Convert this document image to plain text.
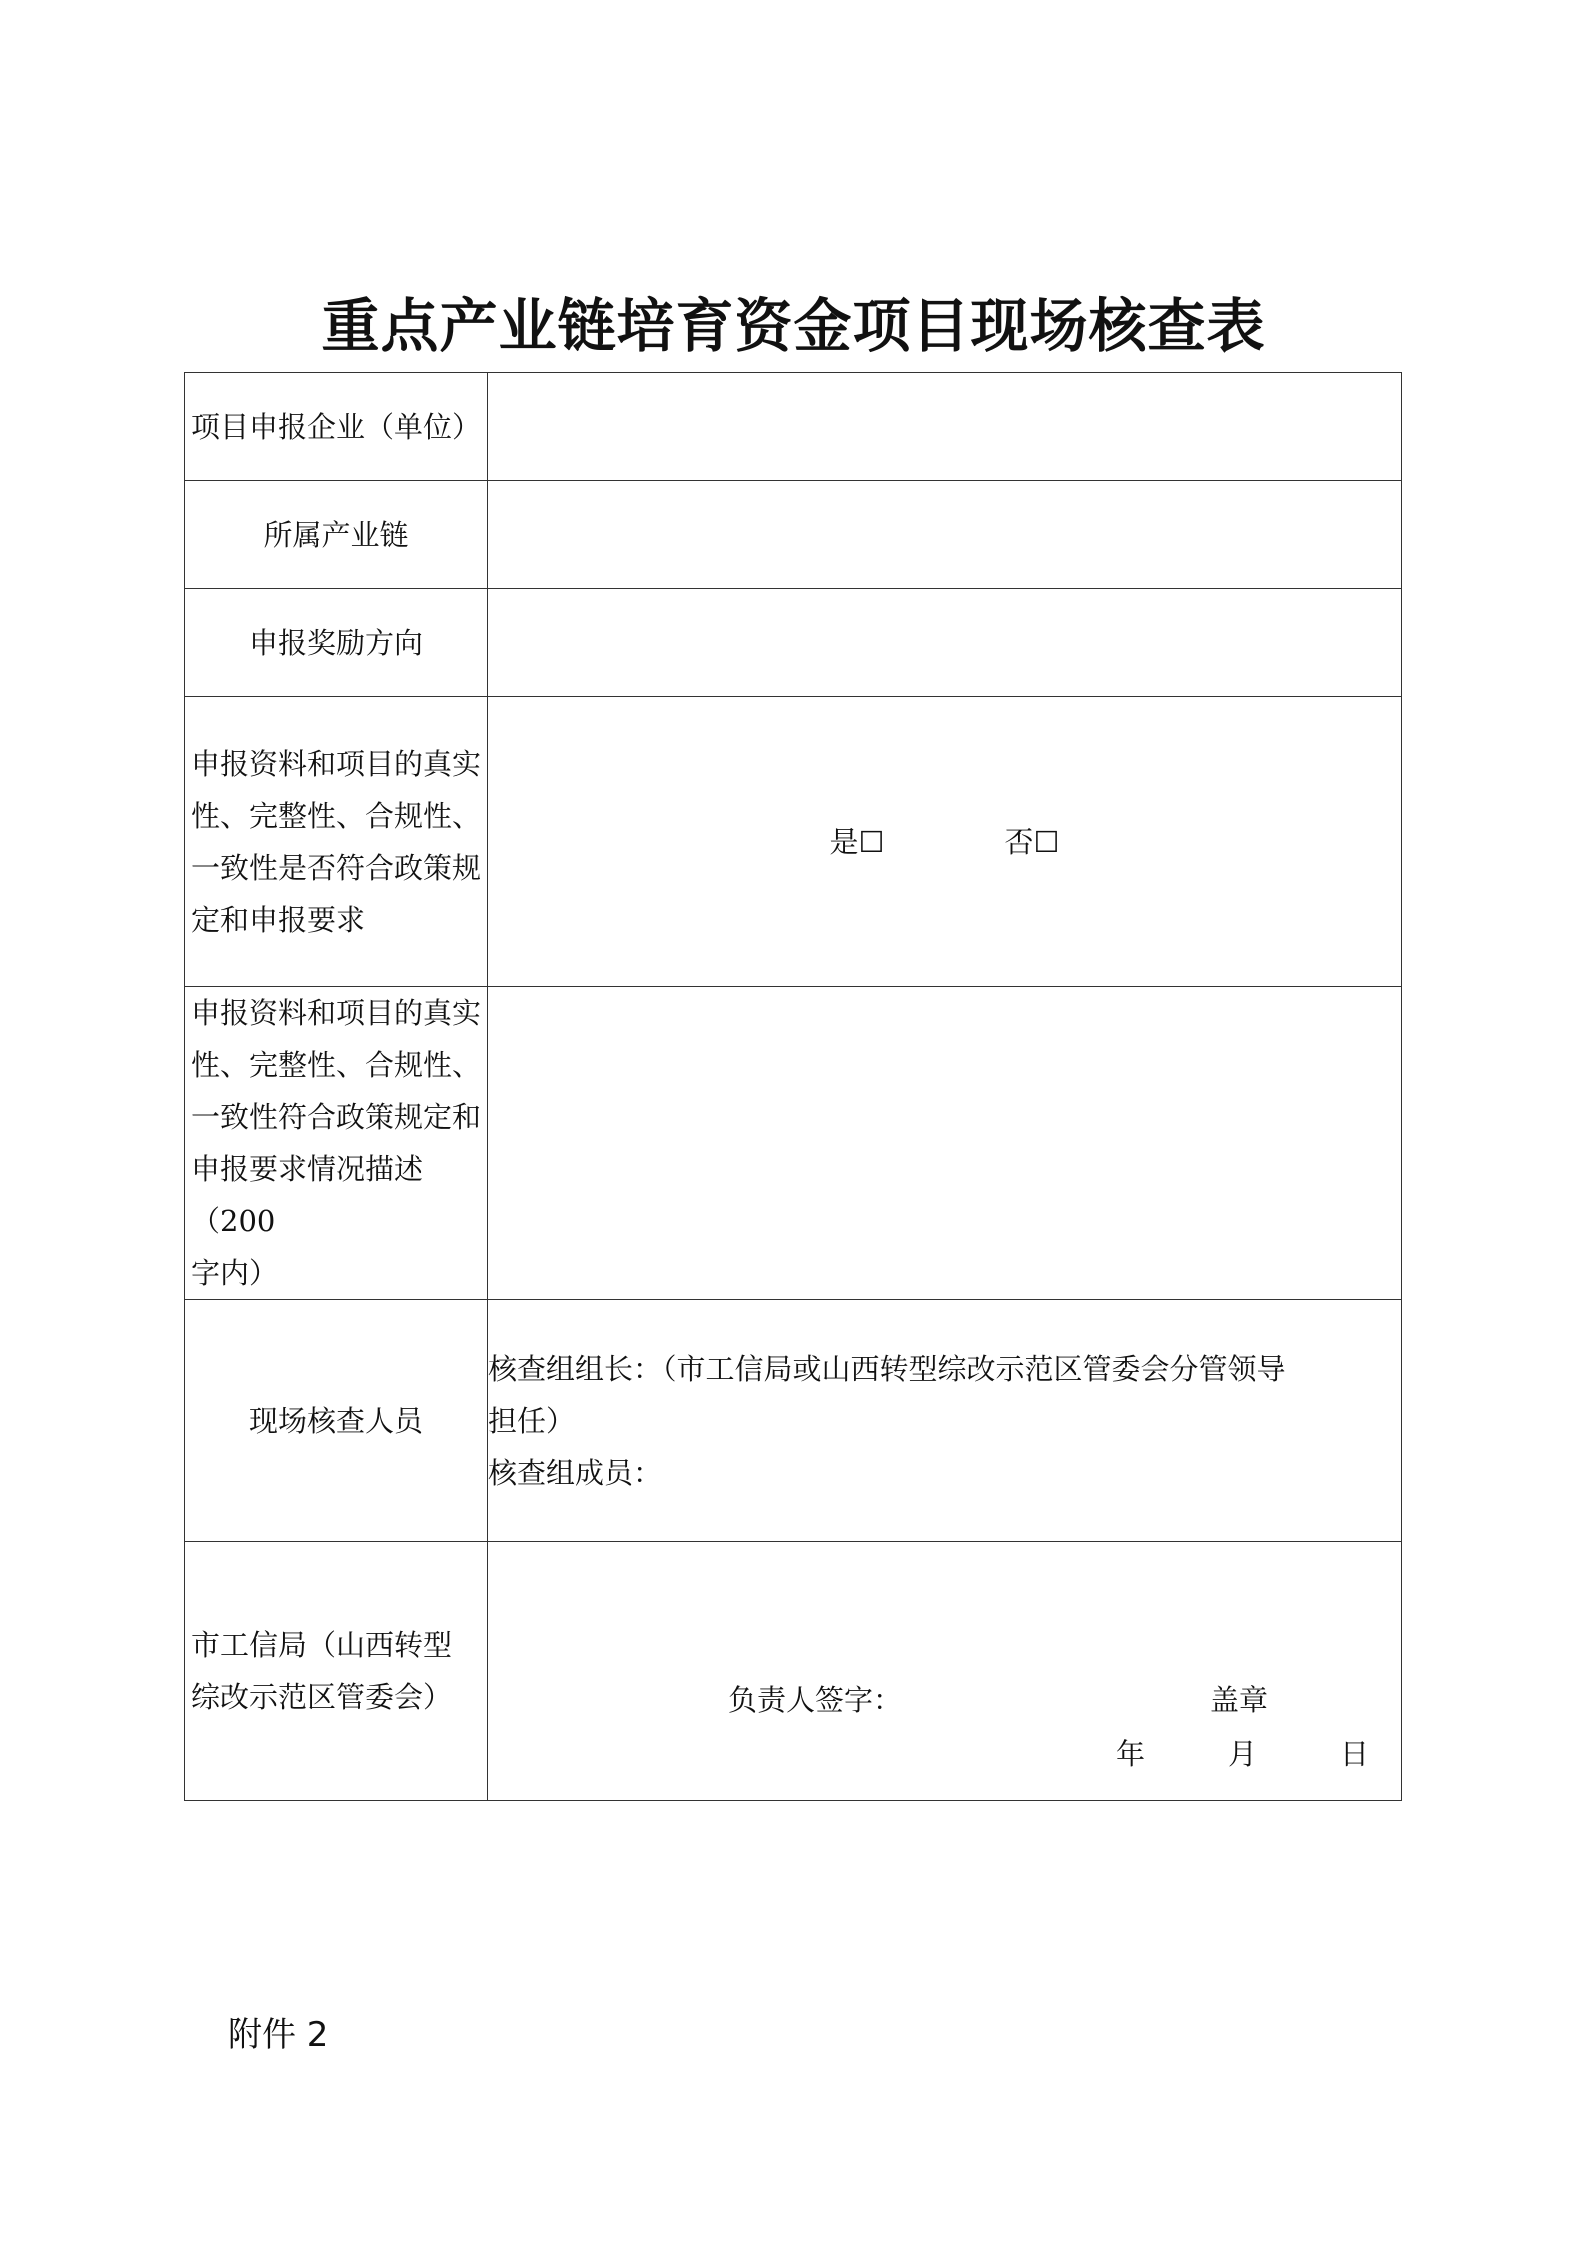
重点产业链培育资金项目现场核查表
项目申报企业（单位）	
所属产业链	
申报奖励方向	

申报资料和项目的真实
性、完整性、合规性、
一致性是否符合政策规
定和申报要求	是☐ 否☐

申报资料和项目的真实
性、完整性、合规性、
一致性符合政策规定和
申报要求情况描述（200
字内）	

现场核查人员	核查组组长：（市工信局或山西转型综改示范区管委会分管领导
担任）
核查组成员：

市工信局（山西转型
综改示范区管委会）	负责人签字： 盖章
年 月 日
附件 2
